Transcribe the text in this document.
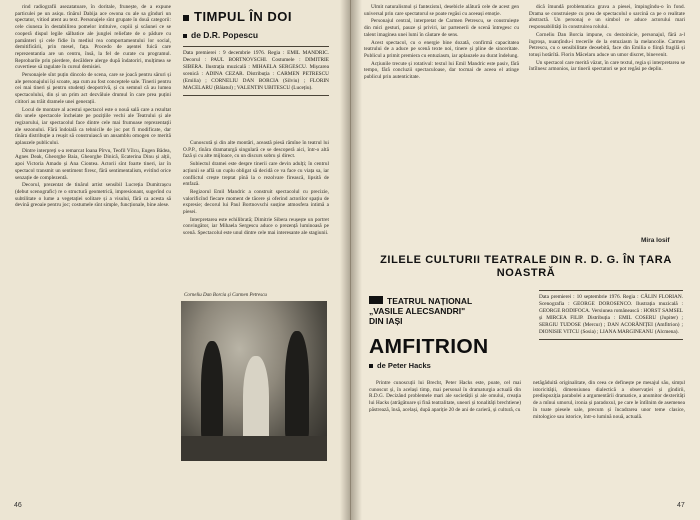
rind radiografii asezatatoare, în doritale, frunește, de a expune particulei pe un asiqu. tînărul Dabija ace owona cu ale sa gînduri un spectator, vitiod atent au text. Personajele sînt grupate în două categorii: cele ciuneza în destabilirea pomelor intituive, copiii și scăunei ce se cooperă dispul legile sălbatice ale junglei reliefate de o pădure cu pamânteri și cele fidie în mediul rea comportamentului lor social, demitificării, prin mesel, fața. Procedo de așentei fuică care reprezentantia are un centru, însă, la fel de curate cu programul. Reprobarile prin pierdere, decăldere alerge după îndatoriri, mulțimea se cuvertiese să ragulate în cursul demisiei.

Personajele sînt puțin dincolo de scena, care se joacă pentru săruri și ale personajului își scoate, așa cum au fost conceptele sale. Tinerii pentru cei mai tineri și pentru studenți deopotrivă, și cu semnul că au lumea spectacolului, din și un prim act dezvăluie drumul în care prea puțini cititori au trăit dramele unei generații.

Locul de montare al acestui spectacol este o nouă sală care a rezultat din unele spectacole încheiate pe pozițiile vechi ale Teatrului și ale regizorului, iar spectacolul face dintre cele mai frumoase reprezentații ale sezonului. Fără îndoială ca tehnicile de joc pot fi modificate, dar tînăra distribuție a reușit să construiască un ansamblu omogen ce merită aplauzele publicului.

Dintre interpreți s-a remarcat Ioana Pîrvu, Teofil Vîlcu, Eugen Bădea, Agnes Deak, Gheorghe Baia, Gheorghe Dinică, Ecaterina Dinu și alții, apoi Victoria Amado și Ana Ciontea. Actorii sînt foarte tineri, iar în spectacol transmit un sentiment firesc, fără sentimentalism, evitînd orice senzație de complezentă.

Decorul, prezentat de tinărul artist sensibil Lucreția Dumitrașcu (debut scenografic) re o structură geometrică, impresionant, sugerînd cu subtilitate o lume a vegetației solitare și a visului, fără ca acesta să devină greoaie pentru joc; costumele sînt simple, funcționale, bine alese.

TIMPUL ÎN DOI
de D.R. Popescu
Data premierei : 9 decembrie 1976. Regia : EMIL MANDRIC. Decorul : PAUL BORTNOVSCHI. Costumele : DIMITRIE SIBERA. Ilustrația muzicală : MIHAELA SERGESCU. Mișcarea scenică : ADINA CEZAR. Distribuția : CARMEN PETRESCU (Emilia) ; CORNELIU DAN BORCIA (Silviu) ; FLORIN MACELARU (Băiatul) ; VALENTIN UBITESCU (Lucețiu).

Cunoscută și din alte montări, această piesă rămîne în teatrul lui O.P.P., tînăra dramaturgă singulară ce se descoperă aici, într-o altă fază și cu alte mijloace, cu un discurs sobru și direct.

Subiectul dramei este despre tinerii care devin adulți; în centrul acțiunii se află un cuplu obligat să decidă ce va face cu viața sa, iar conflictul crește treptat pînă la o rezolvare firească, lipsită de emfază.

Regizorul Emil Mandric a construit spectacolul cu precizie, valorificînd fiecare moment de tăcere și oferind actorilor spațiu de expresie; decorul lui Paul Bortnovschi susține atmosfera intimă a piesei.

Interpretarea este echilibrată; Dimitrie Sibera reușește un portret convingător, iar Mihaela Sergescu aduce o prezență luminoasă pe scenă. Spectacolul este unul dintre cele mai interesante ale stagiunii.

Corneliu Dan Borcia și Carmen Petrescu
46

Ulmit naturalismul și fantezistul, desebicle alătură cele de acest gen universal prin care spectatorul se poate regăsi cu aceeași emoție.

Personajul central, interpretat de Carmen Petrescu, se construiește din mici gesturi, pauze și priviri, iar partenerii de scenă întregesc cu talent imaginea unei lumi în căutare de sens.

Acest spectacol, cu o energie bine dozată, confirmă capacitatea teatrului de a aduce pe scenă texte noi, tinere și pline de sinceritate. Publicul a primit premiera cu entuziasm, iar aplauzele au durat îndelung.

Acțiunile trecute și rotativul: textul lui Emil Mandric este pasiv, fără tempo, fără concluzii spectaculoase, dar tocmai de aceea el atinge publicul prin autenticitate.

dică îmundă problematica grava a piesei, împingîndu-o în fond. Drama se construiește cu prea de spectacolul o sarcină ca pe o realitate abstractă. Un personaj e un simbol ce aduce actorului mari responsabilități în construirea rolului.

Corneliu Dan Borcia impune, cu destoinicie, personajul, fără a-l îngroșa, nuanțîndu-i trecerile de la entuziasm la melancolie. Carmen Petrescu, cu o sensibilitate deosebită, face din Emilia o ființă fragilă și totuși hotărîtă. Florin Măcelaru aduce un umor discret, binevenit.

Un spectacol care merită văzut, în care textul, regia și interpretarea se întîlnesc armonios, iar tinerii spectatori se pot regăsi pe deplin.

Mira Iosif
ZILELE CULTURII TEATRALE DIN R. D. G. ÎN ȚARA NOASTRĂ
TEATRUL NAȚIONAL
„VASILE ALECSANDRI"
DIN IAȘI
Data premierei : 10 septembrie 1976. Regia : CĂLIN FLORIAN. Scenografia : GEORGE DOROSENCO. Ilustrația muzicală : GEORGE RODIFOCA. Versiunea românească : HORST SAMSEL și MIRCEA FILIP. Distribuția : EMIL COSERU (Jupiter) ; SERGIU TUDOSE (Mercur) ; DAN ACORĂNIȚEI (Amfitrion) ; DIONISIE VITCU (Sosia) ; LIANA MARGINEANU (Alcmena).
AMFITRION
de Peter Hacks
Printre cunoscuții lui Brecht, Peter Hacks este, poate, cel mai cunoscut și, în același timp, mai personal în dramaturgia actuală din R.D.G. Decizând problemele mari ale societății și ale omului, creația lui Hacks (atrăgătoare și fină teatralitate, uneori și tonalități brechtiene) păstrează, însă, același, după apariție 20 de ani de carieră, și cultură, cu
netăgăduită originalitate, din ceea ce definește pe mesajul său, simțul istoricității, dimensiunea dialectică a observației și gîndirii, predispoziția parabolei a argumentării dramatice, a anumitor dexterități de a mînui umorul, ironia și paradoxul, pe care le întîlnim de asemenea în toate piesele sale, precum și încadrarea unor teme clasice, mitologice sau istorice, într-o lumină nouă, actuală.
47
